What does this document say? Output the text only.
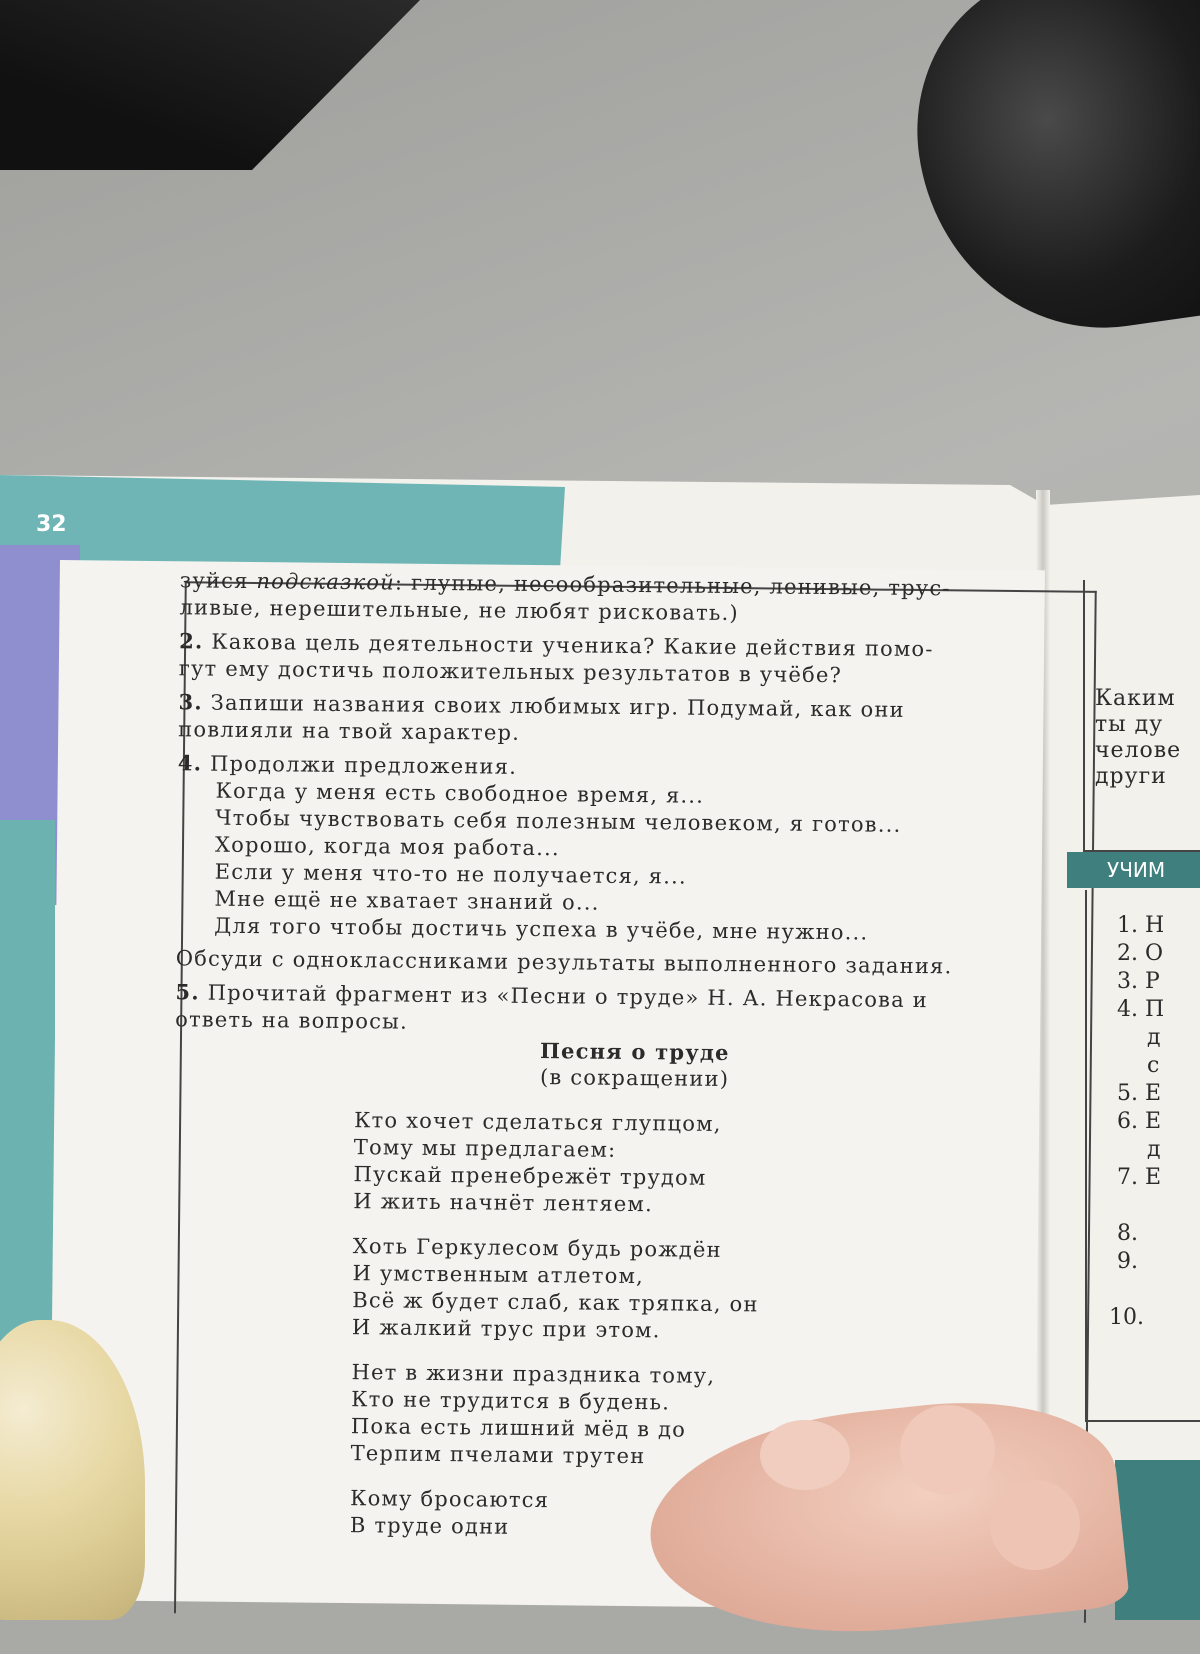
32

зуйся подсказкой: глупые, несообразительные, ленивые, трус-

ливые, нерешительные, не любят рисковать.)

2. Какова цель деятельности ученика? Какие действия помо-

гут ему достичь положительных результатов в учёбе?

3. Запиши названия своих любимых игр. Подумай, как они

повлияли на твой характер.

4. Продолжи предложения.

Когда у меня есть свободное время, я...

Чтобы чувствовать себя полезным человеком, я готов...

Хорошо, когда моя работа...

Если у меня что-то не получается, я...

Мне ещё не хватает знаний о...

Для того чтобы достичь успеха в учёбе, мне нужно...

Обсуди с одноклассниками результаты выполненного задания.

5. Прочитай фрагмент из «Песни о труде» Н. А. Некрасова и

ответь на вопросы.

Песня о труде

(в сокращении)

Кто хочет сделаться глупцом,

Тому мы предлагаем:

Пускай пренебрежёт трудом

И жить начнёт лентяем.

Хоть Геркулесом будь рождён

И умственным атлетом,

Всё ж будет слаб, как тряпка, он

И жалкий трус при этом.

Нет в жизни праздника тому,

Кто не трудится в будень.

Пока есть лишний мёд в до

Терпим пчелами трутен

Кому бросаются

В труде одни

Каким
ты ду
челове
други
УЧИМ

1. Н

2. О

3. Р

4. П

д

с

5. Е

6. Е

д

7. Е

8.

9.

10.
